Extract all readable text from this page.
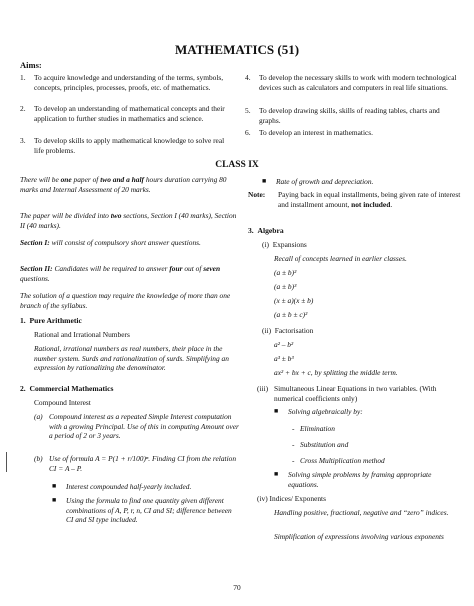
MATHEMATICS (51)
Aims:
1. To acquire knowledge and understanding of the terms, symbols, concepts, principles, processes, proofs, etc. of mathematics.
2. To develop an understanding of mathematical concepts and their application to further studies in mathematics and science.
3. To develop skills to apply mathematical knowledge to solve real life problems.
4. To develop the necessary skills to work with modern technological devices such as calculators and computers in real life situations.
5. To develop drawing skills, skills of reading tables, charts and graphs.
6. To develop an interest in mathematics.
CLASS IX
There will be one paper of two and a half hours duration carrying 80 marks and Internal Assessment of 20 marks.
The paper will be divided into two sections, Section I (40 marks), Section II (40 marks).
Section I: will consist of compulsory short answer questions.
Section II: Candidates will be required to answer four out of seven questions.
The solution of a question may require the knowledge of more than one branch of the syllabus.
1. Pure Arithmetic
Rational and Irrational Numbers
Rational, irrational numbers as real numbers, their place in the number system. Surds and rationalization of surds. Simplifying an expression by rationalizing the denominator.
2. Commercial Mathematics
Compound Interest
(a) Compound interest as a repeated Simple Interest computation with a growing Principal. Use of this in computing Amount over a period of 2 or 3 years.
(b) Use of formula A = P(1 + r/100)ⁿ. Finding CI from the relation CI = A – P.
■ Interest compounded half-yearly included.
■ Using the formula to find one quantity given different combinations of A, P, r, n, CI and SI; difference between CI and SI type included.
■ Rate of growth and depreciation.
Note: Paying back in equal installments, being given rate of interest and installment amount, not included.
3. Algebra
(i) Expansions
Recall of concepts learned in earlier classes.
(a ± b)²
(a ± b)³
(x ± a)(x ± b)
(a ± b ± c)²
(ii) Factorisation
a² – b²
a³ ± b³
ax² + bx + c, by splitting the middle term.
(iii) Simultaneous Linear Equations in two variables. (With numerical coefficients only)
■ Solving algebraically by:
-   Elimination
-   Substitution and
-   Cross Multiplication method
■ Solving simple problems by framing appropriate equations.
(iv) Indices/ Exponents
Handling positive, fractional, negative and “zero” indices.
Simplification of expressions involving various exponents
70
